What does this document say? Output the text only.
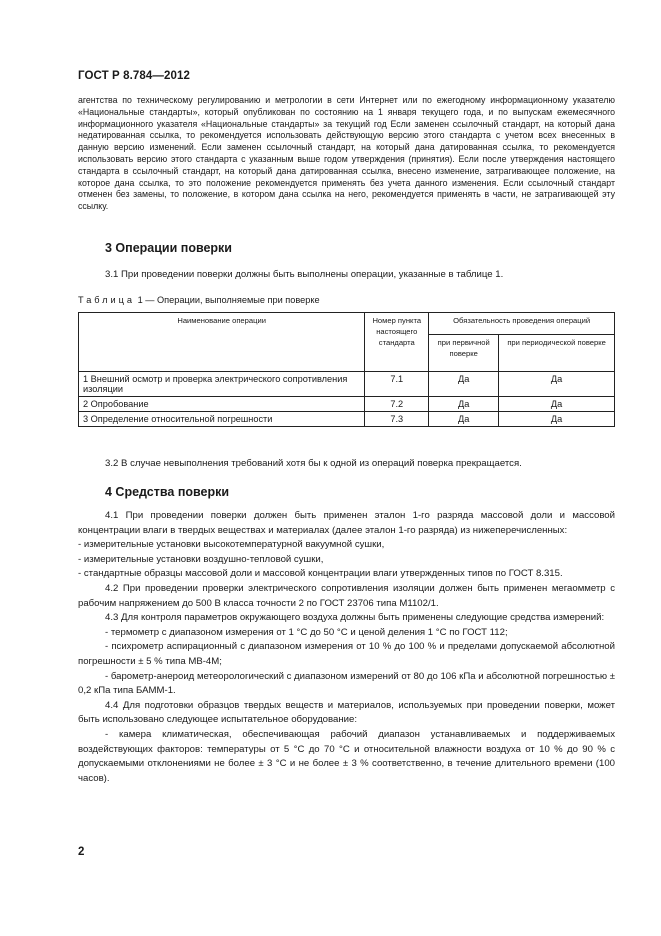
ГОСТ Р 8.784—2012

агентства по техническому регулированию и метрологии в сети Интернет или по ежегодному информационному указателю «Национальные стандарты», который опубликован по состоянию на 1 января текущего года, и по выпускам ежемесячного информационного указателя «Национальные стандарты» за текущий год Если заменен ссылочный стандарт, на который дана недатированная ссылка, то рекомендуется использовать действующую версию этого стандарта с учетом всех внесенных в данную версию изменений. Если заменен ссылочный стандарт, на который дана датированная ссылка, то рекомендуется использовать версию этого стандарта с указанным выше годом утверждения (принятия). Если после утверждения настоящего стандарта в ссылочный стандарт, на который дана датированная ссылка, внесено изменение, затрагивающее положение, на которое дана ссылка, то это положение рекомендуется применять без учета данного изменения. Если ссылочный стандарт отменен без замены, то положение, в котором дана ссылка на него, рекомендуется применять в части, не затрагивающей эту ссылку.

3 Операции поверки
3.1 При проведении поверки должны быть выполнены операции, указанные в таблице 1.
Таблица 1 — Операции, выполняемые при поверке
Наименование операции	Номер пункта настоящего стандарта	Обязательность проведения операций	
		при первичной поверке	при периодической поверке
1 Внешний осмотр и проверка электрического сопротивления изоляции	7.1	Да	Да
2 Опробование	7.2	Да	Да
3 Определение относительной погрешности	7.3	Да	Да
3.2 В случае невыполнения требований хотя бы к одной из операций поверка прекращается.
4 Средства поверки

4.1 При проведении поверки должен быть применен эталон 1-го разряда массовой доли и массовой концентрации влаги в твердых веществах и материалах (далее эталон 1-го разряда) из нижеперечисленных:

- измерительные установки высокотемпературной вакуумной сушки,

- измерительные установки воздушно-тепловой сушки,

- стандартные образцы массовой доли и массовой концентрации влаги утвержденных типов по ГОСТ 8.315.

4.2 При проведении проверки электрического сопротивления изоляции должен быть применен мегаомметр с рабочим напряжением до 500 В класса точности 2 по ГОСТ 23706 типа М1102/1.

4.3 Для контроля параметров окружающего воздуха должны быть применены следующие средства измерений:

- термометр с диапазоном измерения от 1 °С до 50 °С и ценой деления 1 °С по ГОСТ 112;

- психрометр аспирационный с диапазоном измерения от 10 % до 100 % и пределами допускаемой абсолютной погрешности ± 5 % типа МВ-4М;

- барометр-анероид метеорологический с диапазоном измерений от 80 до 106 кПа и абсолютной погрешностью ± 0,2 кПа типа БАММ-1.

4.4 Для подготовки образцов твердых веществ и материалов, используемых при проведении поверки, может быть использовано следующее испытательное оборудование:

- камера климатическая, обеспечивающая рабочий диапазон устанавливаемых и поддерживаемых воздействующих факторов: температуры от 5 °С до 70 °С и относительной влажности воздуха от 10 % до 90 % с допускаемыми отклонениями не более ± 3 °С и не более ± 3 % соответственно, в течение длительного времени (100 часов).

2
